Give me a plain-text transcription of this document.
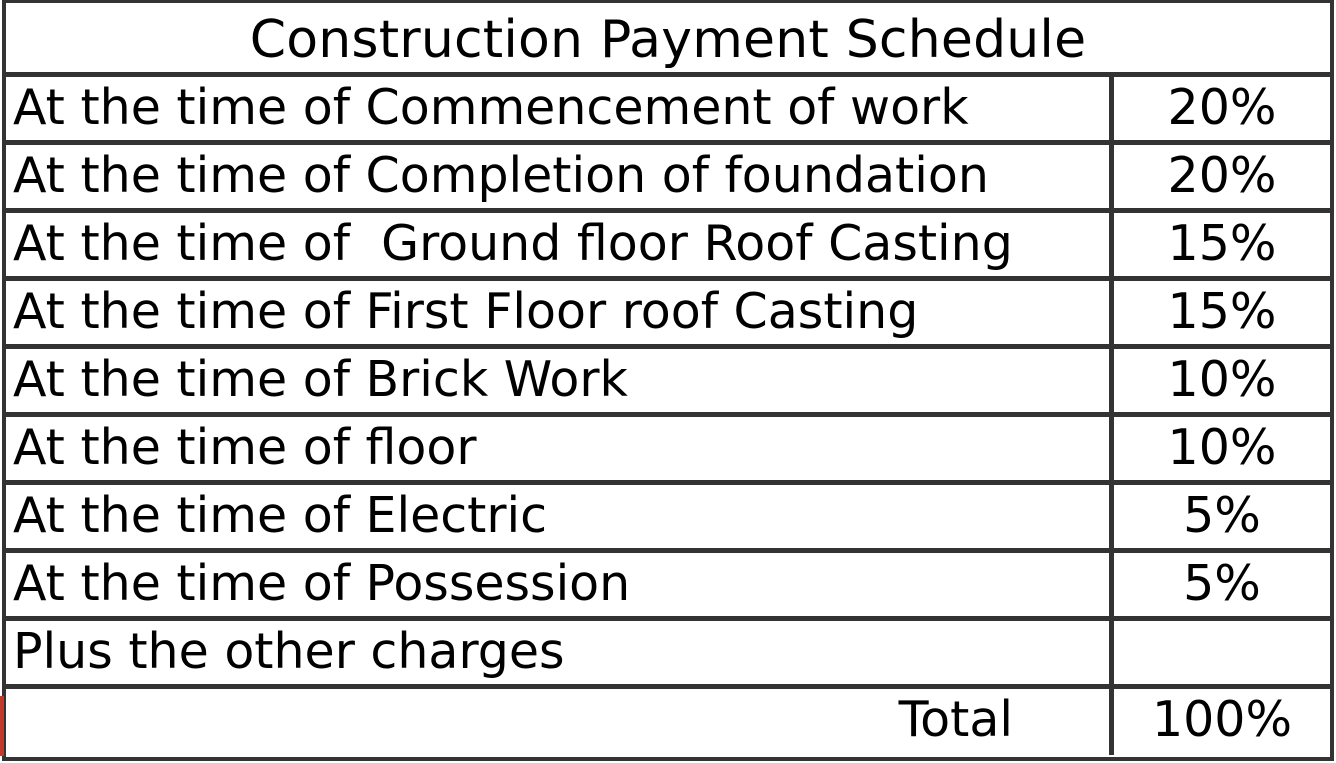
Construction Payment Schedule
At the time of Commencement of work	20%
At the time of Completion of foundation	20%
At the time of  Ground floor Roof Casting	15%
At the time of First Floor roof Casting	15%
At the time of Brick Work	10%
At the time of floor	10%
At the time of Electric	5%
At the time of Possession	5%
Plus the other charges
Total	100%
